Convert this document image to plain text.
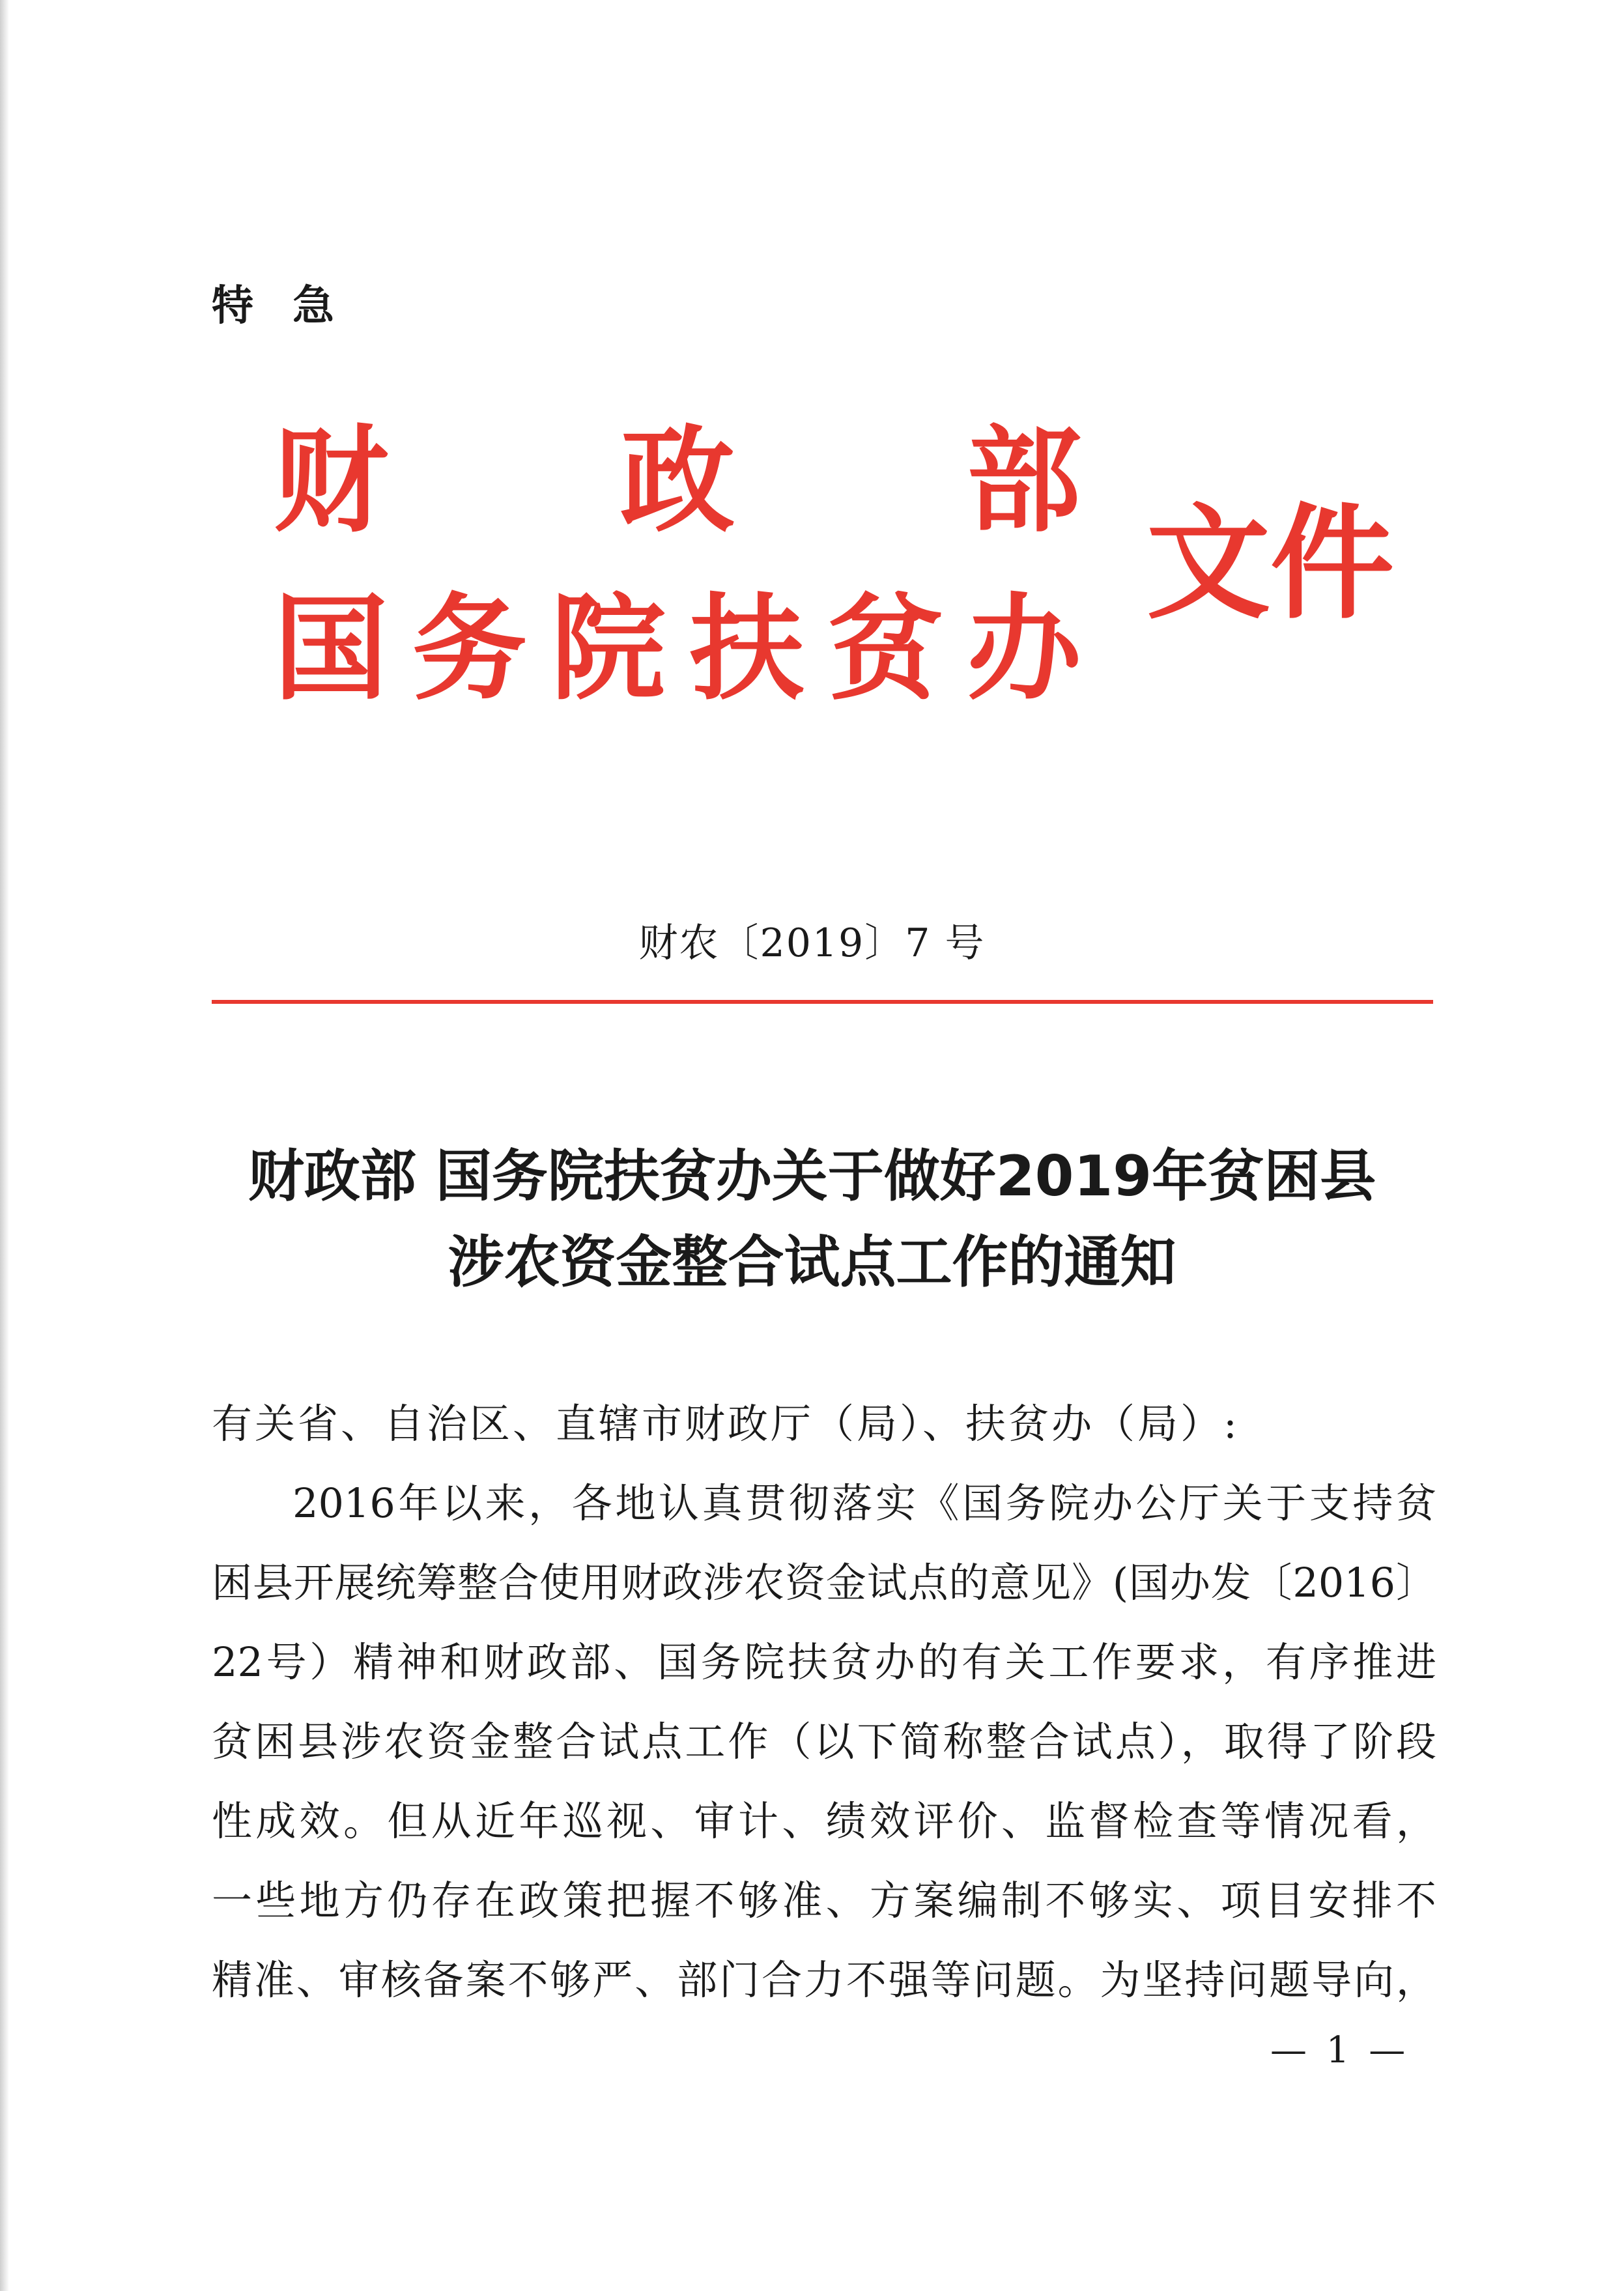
特急
财 政 部
国 务 院 扶 贫 办
文件
财农〔2019〕7 号
财政部 国务院扶贫办关于做好2019年贫困县
涉农资金整合试点工作的通知
有关省、自治区、直辖市财政厅（局）、扶贫办（局）:
2016年以来，各地认真贯彻落实《国务院办公厅关于支持贫
困县开展统筹整合使用财政涉农资金试点的意见》(国办发〔2016〕
22号）精神和财政部、国务院扶贫办的有关工作要求，有序推进
贫困县涉农资金整合试点工作（以下简称整合试点），取得了阶段
性成效。但从近年巡视、审计、绩效评价、监督检查等情况看，
一些地方仍存在政策把握不够准、方案编制不够实、项目安排不
精准、审核备案不够严、部门合力不强等问题。为坚持问题导向，
— 1 —
